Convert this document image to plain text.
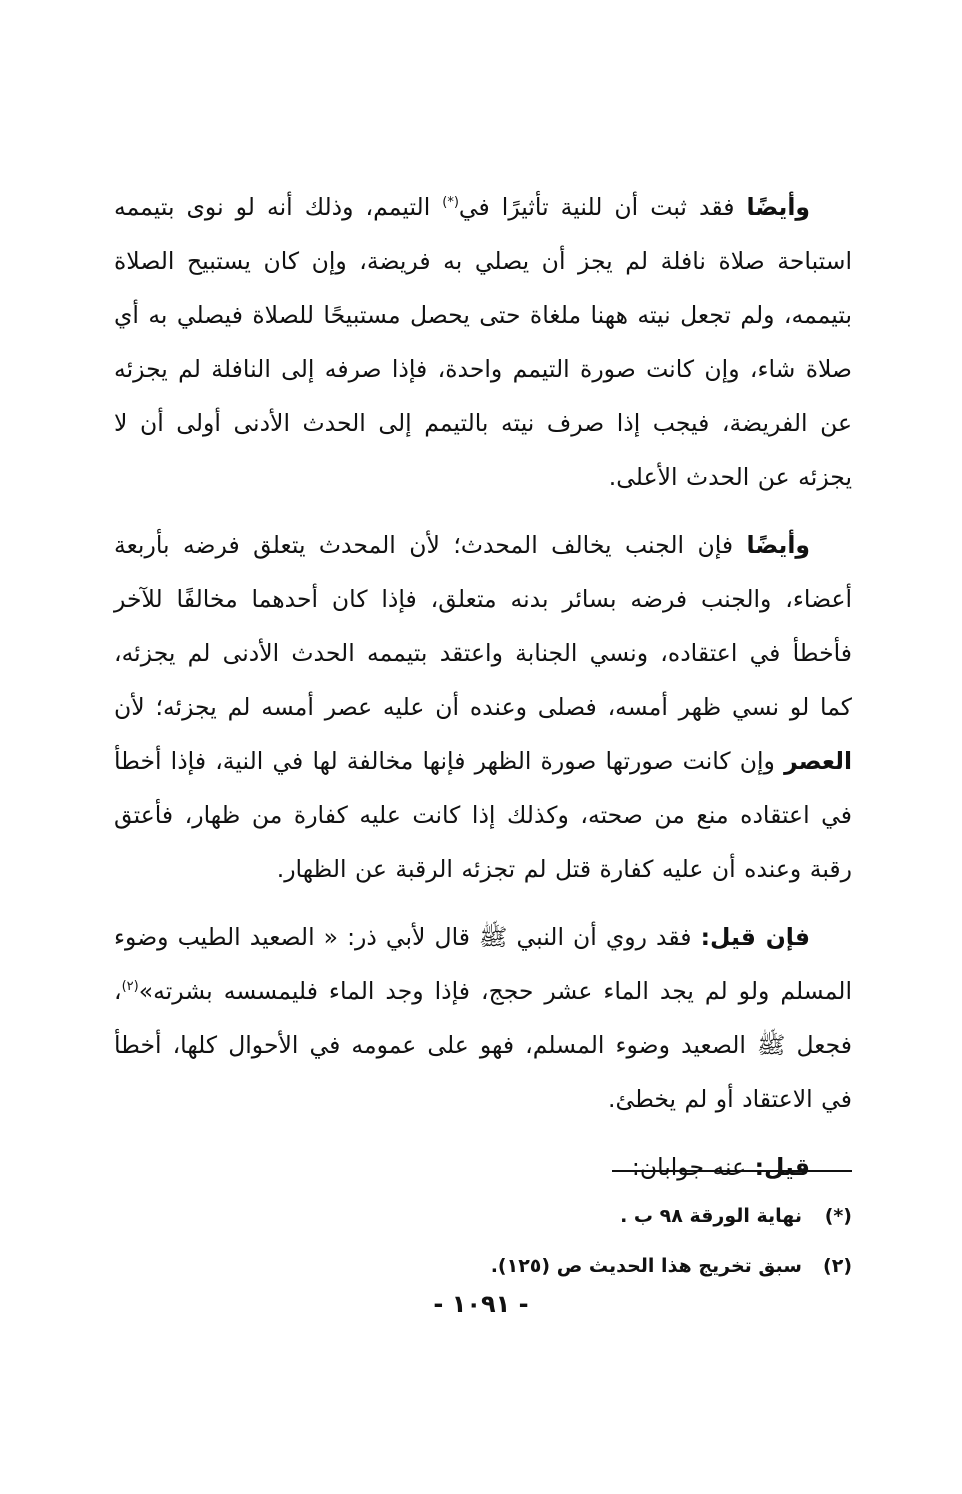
وأيضًا فقد ثبت أن للنية تأثيرًا في(*) التيمم، وذلك أنه لو نوى بتيممه استباحة صلاة نافلة لم يجز أن يصلي به فريضة، وإن كان يستبيح الصلاة بتيممه، ولم تجعل نيته ههنا ملغاة حتى يحصل مستبيحًا للصلاة فيصلي به أي صلاة شاء، وإن كانت صورة التيمم واحدة، فإذا صرفه إلى النافلة لم يجزئه عن الفريضة، فيجب إذا صرف نيته بالتيمم إلى الحدث الأدنى أولى أن لا يجزئه عن الحدث الأعلى.

وأيضًا فإن الجنب يخالف المحدث؛ لأن المحدث يتعلق فرضه بأربعة أعضاء، والجنب فرضه بسائر بدنه متعلق، فإذا كان أحدهما مخالفًا للآخر فأخطأ في اعتقاده، ونسي الجنابة واعتقد بتيممه الحدث الأدنى لم يجزئه، كما لو نسي ظهر أمسه، فصلى وعنده أن عليه عصر أمسه لم يجزئه؛ لأن العصر وإن كانت صورتها صورة الظهر فإنها مخالفة لها في النية، فإذا أخطأ في اعتقاده منع من صحته، وكذلك إذا كانت عليه كفارة من ظهار، فأعتق رقبة وعنده أن عليه كفارة قتل لم تجزئه الرقبة عن الظهار.

فإن قيل: فقد روي أن النبي ﷺ قال لأبي ذر: « الصعيد الطيب وضوء المسلم ولو لم يجد الماء عشر حجج، فإذا وجد الماء فليمسسه بشرته»$^{(٢)}$، فجعل ﷺ الصعيد وضوء المسلم، فهو على عمومه في الأحوال كلها، أخطأ في الاعتقاد أو لم يخطئ.

قيل: عنه جوابان:

(*)نهاية الورقة ٩٨ ب .

(٢)سبق تخريج هذا الحديث ص (١٢٥).

- ١٠٩١ -
